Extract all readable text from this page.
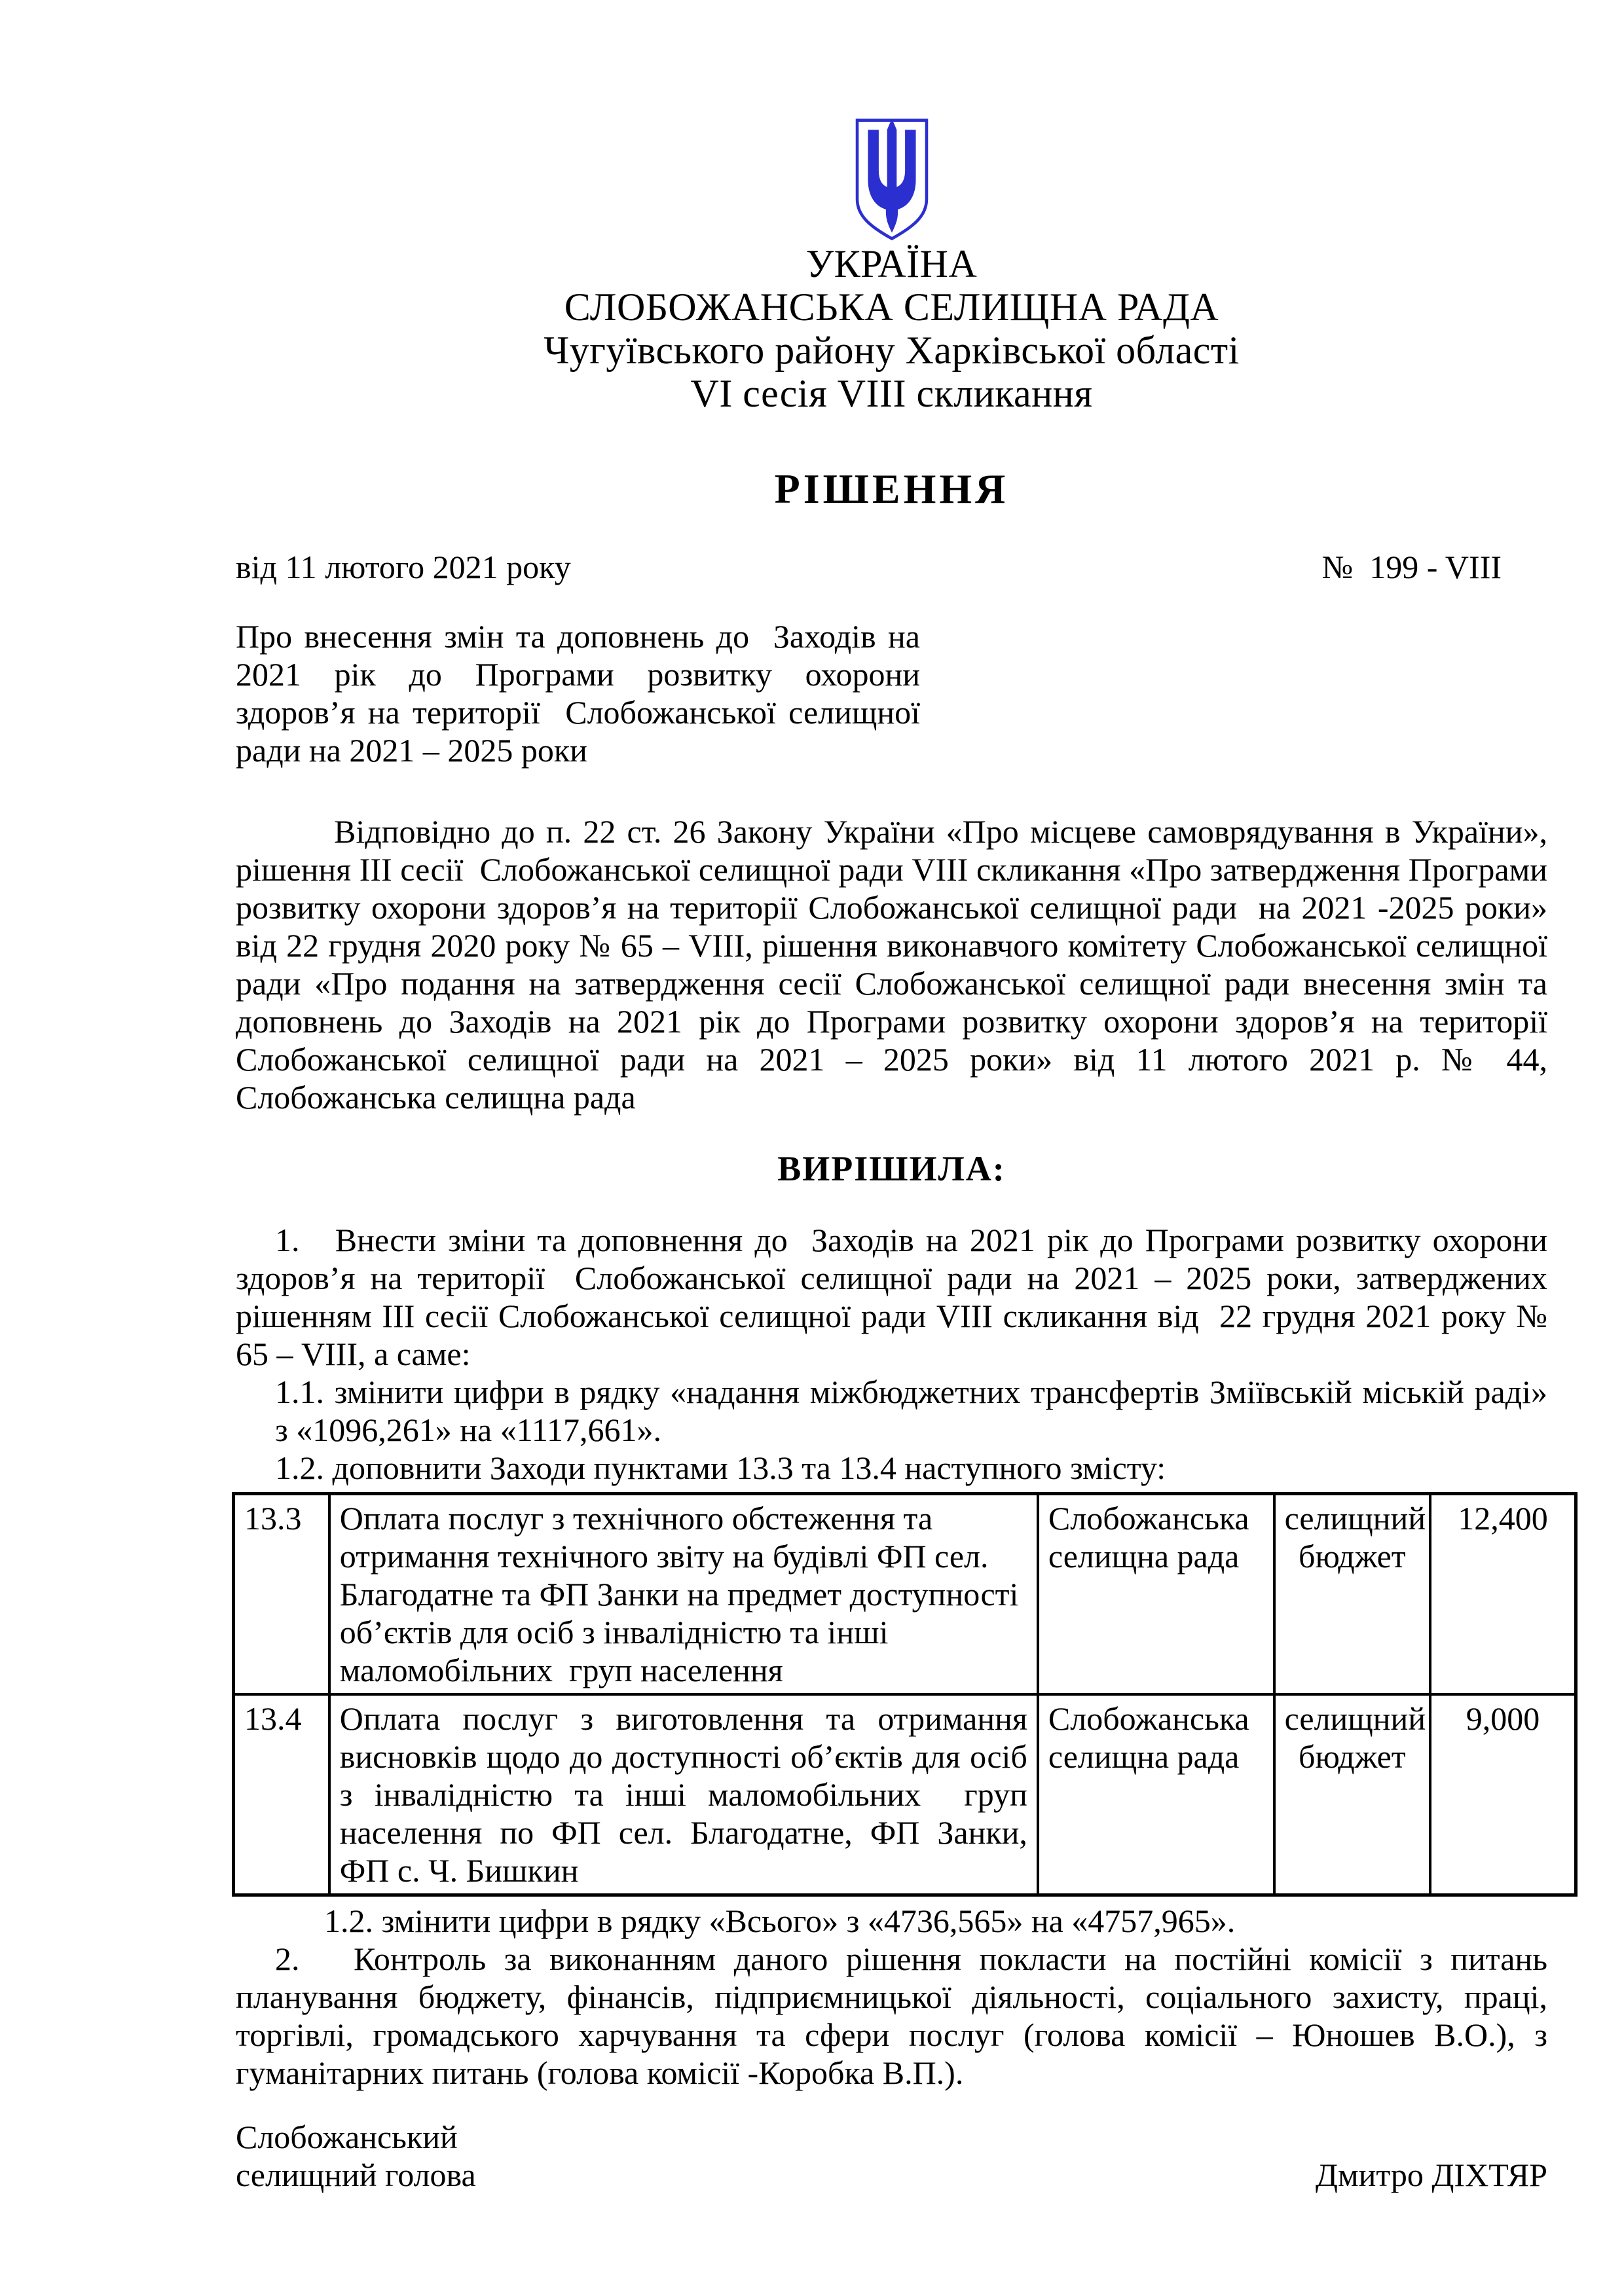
УКРАЇНА
СЛОБОЖАНСЬКА СЕЛИЩНА РАДА
Чугуївського району Харківської області
VI сесія VIII скликання
РІШЕННЯ
від 11 лютого 2021 року	№  199 - VIII
Про внесення змін та доповнень до  Заходів на 2021 рік до Програми розвитку охорони здоров’я на території  Слобожанської селищної ради на 2021 – 2025 роки

Відповідно до п. 22 ст. 26 Закону України «Про місцеве самоврядування в України», рішення III сесії  Слобожанської селищної ради VIII скликання «Про затвердження Програми розвитку охорони здоров’я на території Слобожанської селищної ради  на 2021 -2025 роки» від 22 грудня 2020 року № 65 – VIII, рішення виконавчого комітету Слобожанської селищної ради «Про подання на затвердження сесії Слобожанської селищної ради внесення змін та доповнень до Заходів на 2021 рік до Програми розвитку охорони здоров’я на території Слобожанської селищної ради на 2021 – 2025 роки» від 11 лютого 2021 р. № 44, Слобожанська селищна рада

ВИРІШИЛА:

1.   Внести зміни та доповнення до  Заходів на 2021 рік до Програми розвитку охорони здоров’я на території  Слобожанської селищної ради на 2021 – 2025 роки, затверджених рішенням III сесії Слобожанської селищної ради VIII скликання від  22 грудня 2021 року № 65 – VIII, а саме:

1.1. змінити цифри в рядку «надання міжбюджетних трансфертів Зміївській міській раді» з «1096,261» на «1117,661».

1.2. доповнити Заходи пунктами 13.3 та 13.4 наступного змісту:

13.3	Оплата послуг з технічного обстеження та отримання технічного звіту на будівлі ФП сел. Благодатне та ФП Занки на предмет доступності об’єктів для осіб з інвалідністю та інші маломобільних  груп населення	Слобожанська селищна рада	селищний бюджет	12,400
13.4	Оплата послуг з виготовлення та отримання висновків щодо до доступності об’єктів для осіб з інвалідністю та інші маломобільних  груп населення по ФП сел. Благодатне, ФП Занки, ФП с. Ч. Бишкин	Слобожанська селищна рада	селищний бюджет	9,000

1.2. змінити цифри в рядку «Всього» з «4736,565» на «4757,965».

2.   Контроль за виконанням даного рішення покласти на постійні комісії з питань планування бюджету, фінансів, підприємницької діяльності, соціального захисту, праці, торгівлі, громадського харчування та сфери послуг (голова комісії – Юношев В.О.), з гуманітарних питань (голова комісії -Коробка В.П.).

Слобожанський
селищний голова	Дмитро ДІХТЯР
